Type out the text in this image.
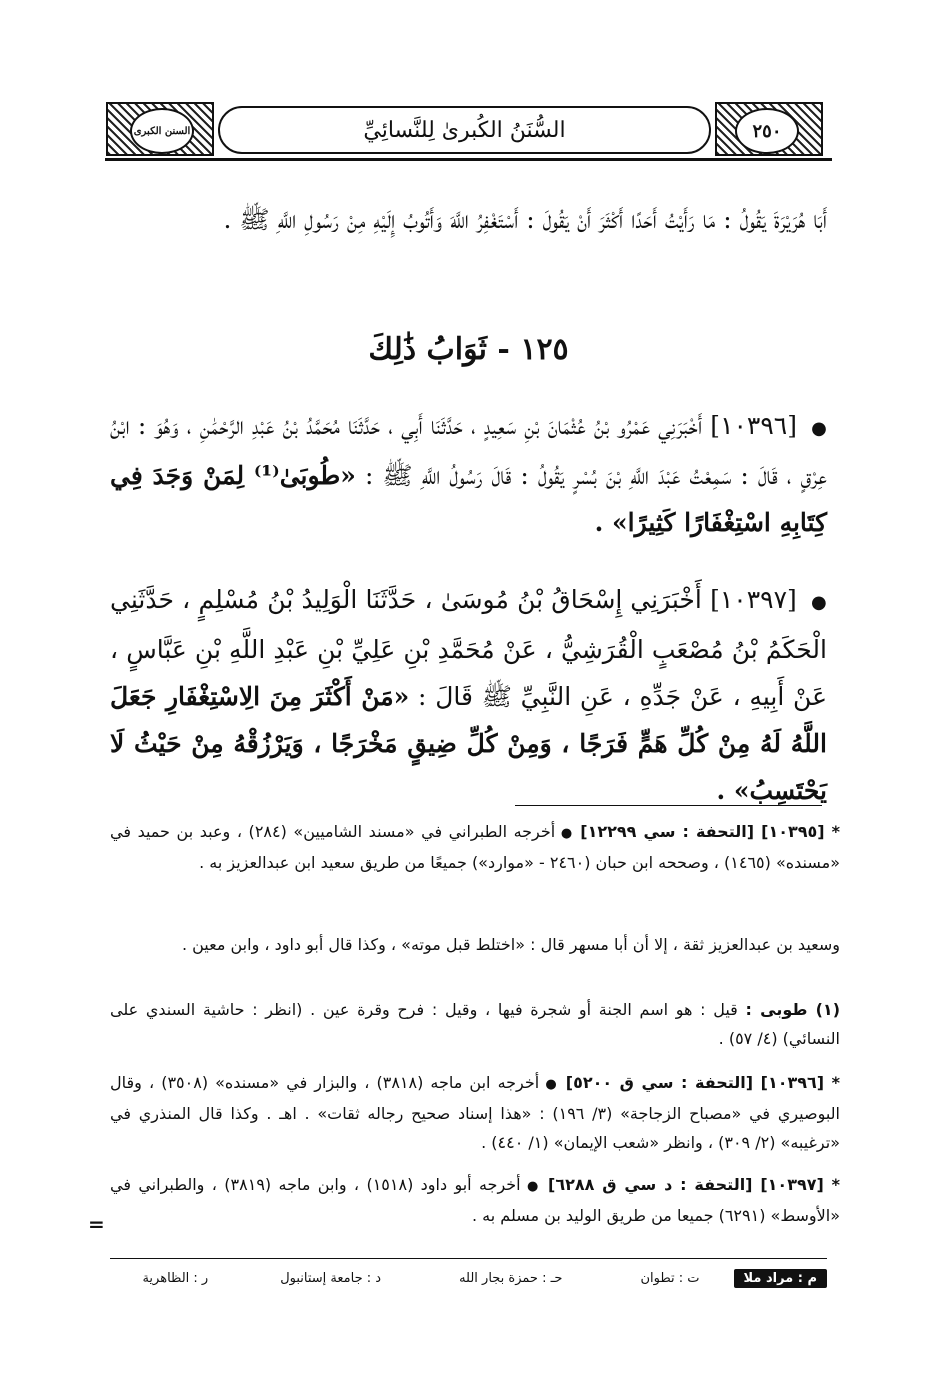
السنن الكبرى	السُّنَنُ الكُبرىٰ لِلنَّسائِيِّ	٢٥٠
أَبَا هُرَيْرَةَ يَقُولُ : مَا رَأَيْتُ أَحَدًا أَكْثَرَ أَنْ يَقُولَ : أَسْتَغْفِرُ اللَّهَ وَأَتُوبُ إِلَيْهِ مِنْ رَسُولِ اللَّهِ ﷺ .
١٢٥ - ثَوَابُ ذَٰلِكَ
● [١٠٣٩٦] أَخْبَرَنِي عَمْرُو بْنُ عُثْمَانَ بْنِ سَعِيدٍ ، حَدَّثَنَا أَبِي ، حَدَّثَنَا مُحَمَّدُ بْنُ عَبْدِ الرَّحْمَٰنِ ، وَهُوَ : ابْنُ عِرْقٍ ، قَالَ : سَمِعْتُ عَبْدَ اللَّهِ بْنَ بُسْرٍ يَقُولُ : قَالَ رَسُولُ اللَّهِ ﷺ : «طُوبَىٰ⁽¹⁾ لِمَنْ وَجَدَ فِي كِتَابِهِ اسْتِغْفَارًا كَثِيرًا» .
● [١٠٣٩٧] أَخْبَرَنِي إِسْحَاقُ بْنُ مُوسَىٰ ، حَدَّثَنَا الْوَلِيدُ بْنُ مُسْلِمٍ ، حَدَّثَنِي الْحَكَمُ بْنُ مُصْعَبٍ الْقُرَشِيُّ ، عَنْ مُحَمَّدِ بْنِ عَلِيِّ بْنِ عَبْدِ اللَّهِ بْنِ عَبَّاسٍ ، عَنْ أَبِيهِ ، عَنْ جَدِّهِ ، عَنِ النَّبِيِّ ﷺ قَالَ : «مَنْ أَكْثَرَ مِنَ الِاسْتِغْفَارِ جَعَلَ اللَّهُ لَهُ مِنْ كُلِّ هَمٍّ فَرَجًا ، وَمِنْ كُلِّ ضِيقٍ مَخْرَجًا ، وَيَرْزُقْهُ مِنْ حَيْثُ لَا يَحْتَسِبُ» .
* [١٠٣٩٥] [التحفة : سي ١٢٢٩٩] ● أخرجه الطبراني في «مسند الشاميين» (٢٨٤) ، وعبد بن حميد في «مسنده» (١٤٦٥) ، وصححه ابن حبان (٢٤٦٠ - «موارد») جميعًا من طريق سعيد ابن عبدالعزيز به .
وسعيد بن عبدالعزيز ثقة ، إلا أن أبا مسهر قال : «اختلط قبل موته» ، وكذا قال أبو داود ، وابن معين .
(١) طوبى : قيل : هو اسم الجنة أو شجرة فيها ، وقيل : فرح وقرة عين . (انظر : حاشية السندي على النسائي) (٤/ ٥٧) .
* [١٠٣٩٦] [التحفة : سي ق ٥٢٠٠] ● أخرجه ابن ماجه (٣٨١٨) ، والبزار في «مسنده» (٣٥٠٨) ، وقال البوصيري في «مصباح الزجاجة» (٣/ ١٩٦) : «هذا إسناد صحيح رجاله ثقات» . اهـ . وكذا قال المنذري في «ترغيبه» (٢/ ٣٠٩) ، وانظر «شعب الإيمان» (١/ ٤٤٠) .
* [١٠٣٩٧] [التحفة : د سي ق ٦٢٨٨] ● أخرجه أبو داود (١٥١٨) ، وابن ماجه (٣٨١٩) ، والطبراني في «الأوسط» (٦٢٩١) جميعا من طريق الوليد بن مسلم به .
=
م : مراد ملا
ت : تطوان
حـ : حمزة بجار الله
د : جامعة إستانبول
ر : الظاهرية
